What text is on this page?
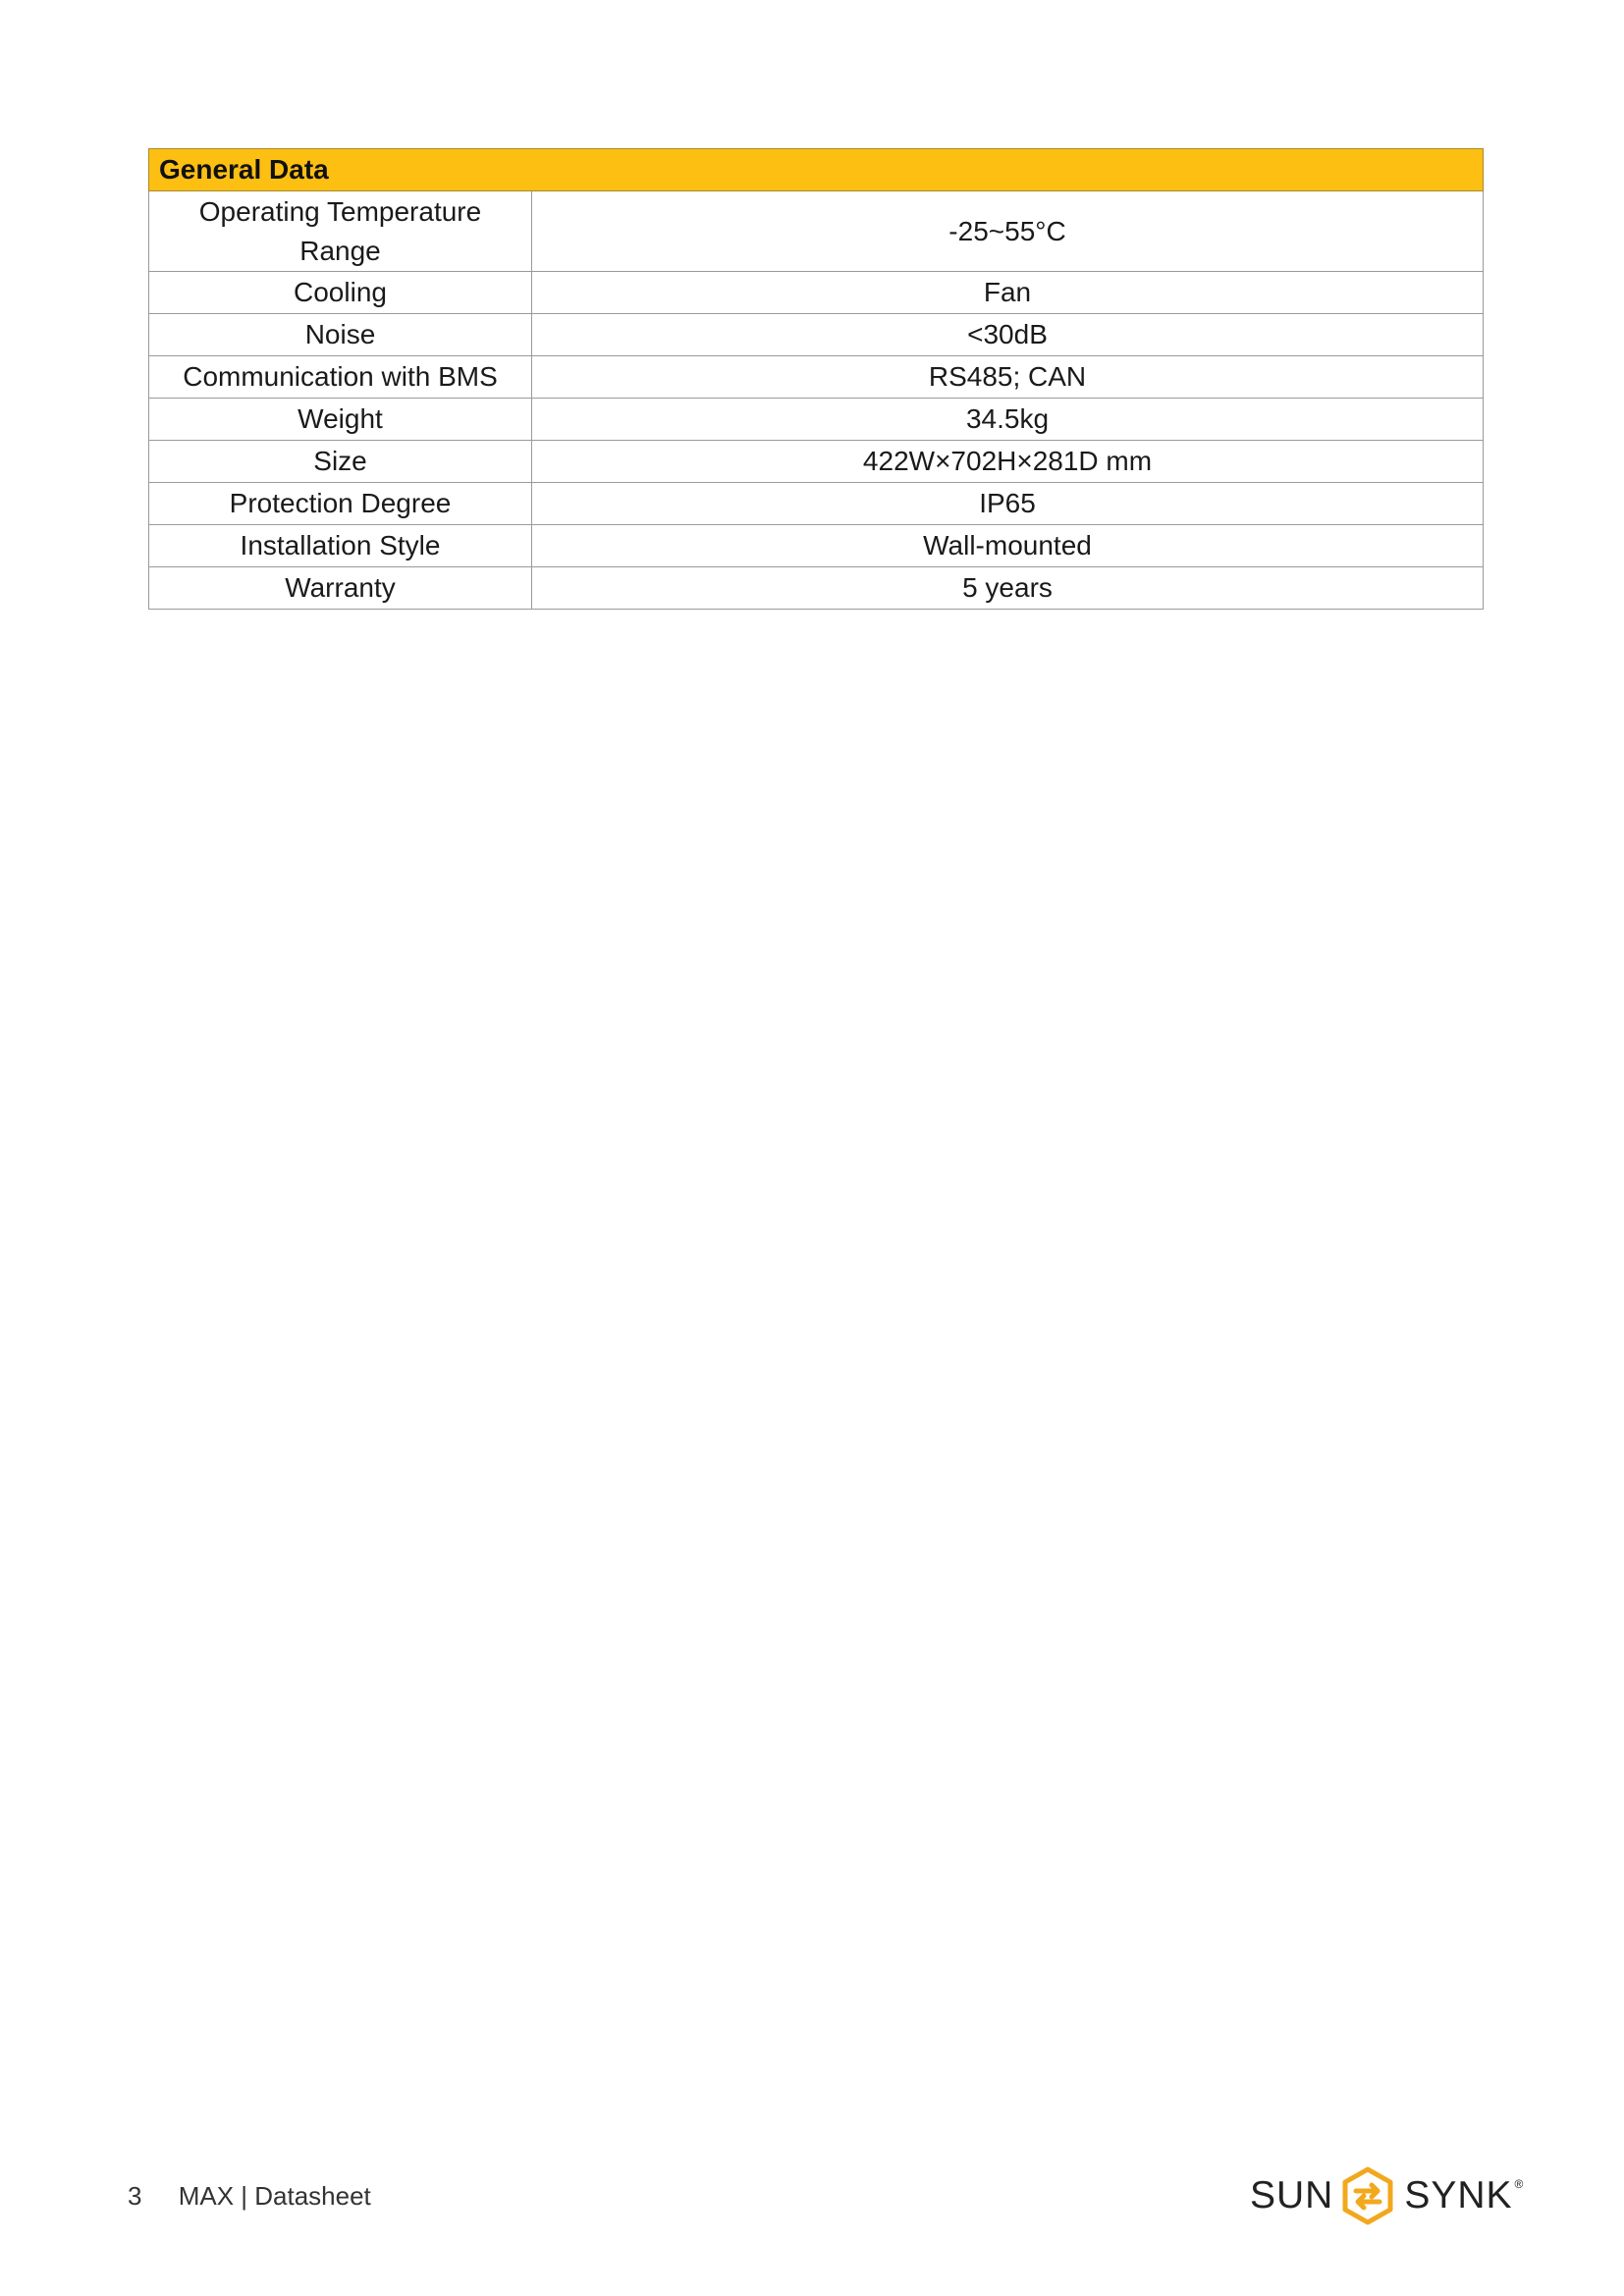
General Data	
Operating Temperature Range	-25~55°C
Cooling	Fan
Noise	<30dB
Communication with BMS	RS485; CAN
Weight	34.5kg
Size	422W×702H×281D mm
Protection Degree	IP65
Installation Style	Wall-mounted
Warranty	5 years
3 MAX | Datasheet	SUN SYNK ®
